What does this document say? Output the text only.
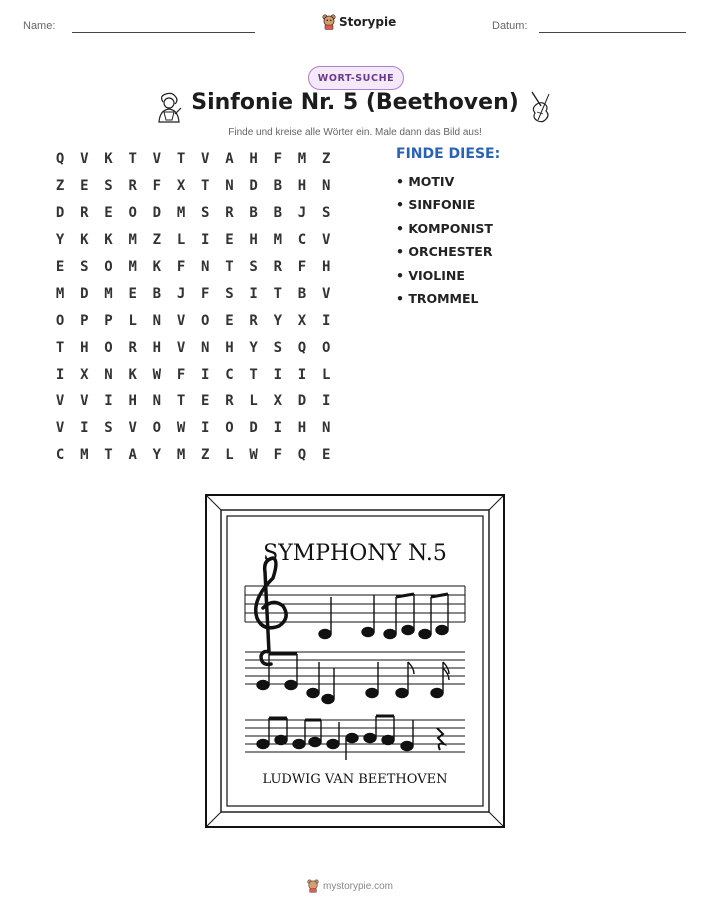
Name:	Storypie	Datum:
WORT-SUCHE
Sinfonie Nr. 5 (Beethoven)
Finde und kreise alle Wörter ein. Male dann das Bild aus!
Q	V	K	T	V	T	V	A	H	F	M	Z
Z	E	S	R	F	X	T	N	D	B	H	N
D	R	E	O	D	M	S	R	B	B	J	S
Y	K	K	M	Z	L	I	E	H	M	C	V
E	S	O	M	K	F	N	T	S	R	F	H
M	D	M	E	B	J	F	S	I	T	B	V
O	P	P	L	N	V	O	E	R	Y	X	I
T	H	O	R	H	V	N	H	Y	S	Q	O
I	X	N	K	W	F	I	C	T	I	I	L
V	V	I	H	N	T	E	R	L	X	D	I
V	I	S	V	O	W	I	O	D	I	H	N
C	M	T	A	Y	M	Z	L	W	F	Q	E
FINDE DIESE:
• MOTIV
• SINFONIE
• KOMPONIST
• ORCHESTER
• VIOLINE
• TROMMEL
SYMPHONY N.5
LUDWIG VAN BEETHOVEN
mystorypie.com
